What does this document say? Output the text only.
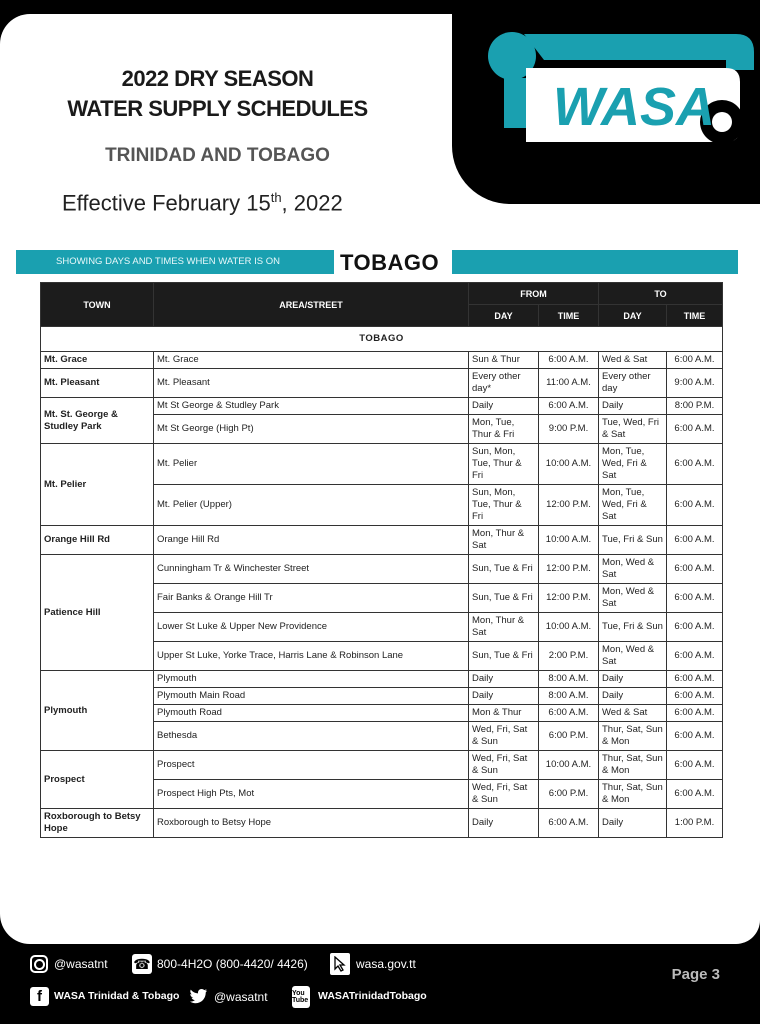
WASA
2022 DRY SEASON
WATER SUPPLY SCHEDULES
TRINIDAD AND TOBAGO
Effective February 15th, 2022
SHOWING DAYS AND TIMES WHEN WATER IS ON	TOBAGO
TOWN	AREA/STREET	FROM		TO	
		DAY	TIME	DAY	TIME
TOBAGO					
Mt. Grace	Mt. Grace	Sun & Thur	6:00 A.M.	Wed & Sat	6:00 A.M.
Mt. Pleasant	Mt. Pleasant	Every other day*	11:00 A.M.	Every other day	9:00 A.M.
Mt. St. George & Studley Park	Mt St George & Studley Park	Daily	6:00 A.M.	Daily	8:00 P.M.
	Mt St George (High Pt)	Mon, Tue, Thur & Fri	9:00 P.M.	Tue, Wed, Fri & Sat	6:00 A.M.
Mt. Pelier	Mt. Pelier	Sun, Mon, Tue, Thur & Fri	10:00 A.M.	Mon, Tue, Wed, Fri & Sat	6:00 A.M.
	Mt. Pelier (Upper)	Sun, Mon, Tue, Thur & Fri	12:00 P.M.	Mon, Tue, Wed, Fri & Sat	6:00 A.M.
Orange Hill Rd	Orange Hill Rd	Mon, Thur & Sat	10:00 A.M.	Tue, Fri & Sun	6:00 A.M.
Patience Hill	Cunningham Tr & Winchester Street	Sun, Tue & Fri	12:00 P.M.	Mon, Wed & Sat	6:00 A.M.
	Fair Banks & Orange Hill Tr	Sun, Tue & Fri	12:00 P.M.	Mon, Wed & Sat	6:00 A.M.
	Lower St Luke & Upper New Providence	Mon, Thur & Sat	10:00 A.M.	Tue, Fri & Sun	6:00 A.M.
	Upper St Luke, Yorke Trace, Harris Lane & Robinson Lane	Sun, Tue & Fri	2:00 P.M.	Mon, Wed & Sat	6:00 A.M.
Plymouth	Plymouth	Daily	8:00 A.M.	Daily	6:00 A.M.
	Plymouth Main Road	Daily	8:00 A.M.	Daily	6:00 A.M.
	Plymouth Road	Mon & Thur	6:00 A.M.	Wed & Sat	6:00 A.M.
	Bethesda	Wed, Fri, Sat & Sun	6:00 P.M.	Thur, Sat, Sun & Mon	6:00 A.M.
Prospect	Prospect	Wed, Fri, Sat & Sun	10:00 A.M.	Thur, Sat, Sun & Mon	6:00 A.M.
	Prospect High Pts, Mot	Wed, Fri, Sat & Sun	6:00 P.M.	Thur, Sat, Sun & Mon	6:00 A.M.
Roxborough to Betsy Hope	Roxborough to Betsy Hope	Daily	6:00 A.M.	Daily	1:00 P.M.
@wasatnt ☎ 800-4H2O (800-4420/ 4426)	wasa.gov.tt
f	WASA Trinidad & Tobago	@wasatnt	You Tube WASATrinidadTobago
Page 3
